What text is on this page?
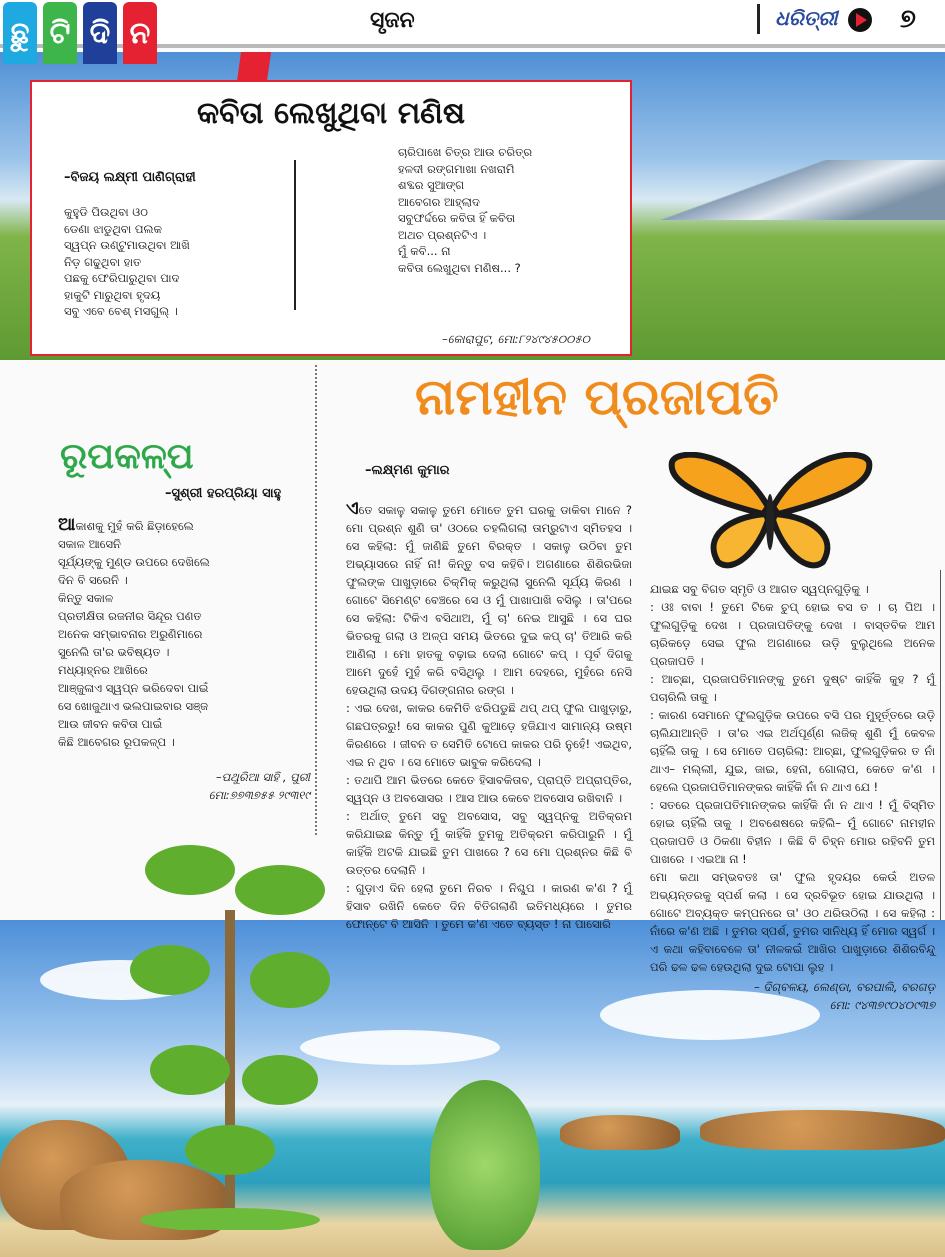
ସୃଜନ	ଧରିତ୍ରୀ ୭
ଛୁ ଟି ଦି ନ
କବିତା ଲେଖୁଥିବା ମଣିଷ
–ବିଜୟ ଲକ୍ଷ୍ମୀ ପାଣିଗ୍ରାହୀ
କୁହୁଡି ପିଉଥିବା ଓଠ
ଡେଣା ଝାଡୁଥିବା ପଲକ
ସ୍ୱପ୍ନ ଉଣ୍ଟୁମାଉଥିବା ଆଖି
ନିଡ଼ ଗଢୁଥିବା ହାତ
ପଛକୁ ଫେରିପାରୁଥିବା ପାଦ
ହାକୁଟି ମାରୁଥିବା ହୃଦୟ
ସବୁ ଏବେ ବେଶ୍ ମସଗୁଲ୍ ।
ଚାରିପାଖେ ଚିତ୍ର ଆଉ ଚରିତ୍ର
ହଳଦୀ ରଙ୍ଗମାଖା ନଖରାମି
ଶବ୍ଦର ସୁଆଙ୍ଗ
ଆବେଗର ଆହ୍ଲାଦ
ସବୁଫର୍ଦ୍ଦରେ କବିତା ହିଁ କବିତା
ଅଥଚ ପ୍ରଶ୍ନଟିଏ ।
ମୁଁ କବି... ନା
କବିତା ଲେଖୁଥିବା ମଣିଷ... ?
–କୋରାପୁଟ, ମୋ:୮୨୪୯୪୫୦୦୫୦
ରୂପକଳ୍ପ
–ସୁଶ୍ରୀ ହରପ୍ରିୟା ସାହୁ
ଆକାଶକୁ ମୁହଁ କରି ଛିଡ଼ାହେଲେ
ସକାଳ ଆସେନି
ସୂର୍ଯ୍ୟଙ୍କୁ ମୁଣ୍ଡ ଉପରେ ଦେଖିଲେ
ଦିନ ବି ସରେନି ।
କିନ୍ତୁ ସକାଳ
ପ୍ରତୀକ୍ଷିତା ରଜନୀର ସିନ୍ଦୂର ପଣତ
ଅନେକ ସମ୍ଭାବନାର ଅରୁଣିମାରେ
ସୁନେଲି ତା'ର ଭବିଷ୍ୟତ ।
ମଧ୍ୟାହ୍ନର ଆଖିରେ
ଆଞ୍ଜୁଳାଏ ସ୍ୱପ୍ନ ଭରିଦେବା ପାଇଁ
ସେ ଖୋଜୁଥାଏ ଭଲପାଇବାର ସଞ୍ଜ
ଆଉ ଜୀବନ କବିତା ପାଇଁ
କିଛି ଆବେଗର ରୂପକଳ୍ପ ।
–ପଥୁରିଆ ସାହି , ପୁରୀ
ମୋ:୭୭୩୭୫୫ ୨୯୩୧୯
ନାମହୀନ ପ୍ରଜାପତି
–ଲକ୍ଷ୍ମଣ କୁମାର

ଏତେ ସକାଳୁ ସକାଳୁ ତୁମେ ମୋତେ ତୁମ ଘରକୁ ଡାକିବା ମାନେ ? ମୋ ପ୍ରଶ୍ନ ଶୁଣି ତା' ଓଠରେ ଚହଲିଗଲା ତାମ୍ରୁଟାଏ ସ୍ମିତହସ । ସେ କହିଲା: ମୁଁ ଜାଣିଛି ତୁମେ ବିରକ୍ତ । ସକାଳୁ ଉଠିବା ତୁମ ଅଭ୍ୟାସରେ ନାହିଁ ନା! କିନ୍ତୁ ବସ କହିବି। ଅଗଣାରେ ଶିଶିରଭିଜା ଫୁଲଙ୍କ ପାଖୁଡ଼ାରେ ଚିକ୍‌ମିକ୍ କରୁଥିଲା ସୁନେଲି ସୂର୍ଯ୍ୟ କିରଣ । ଗୋଟେ ସିମେଣ୍ଟ ବେଞ୍ଚରେ ସେ ଓ ମୁଁ ପାଖାପାଖି ବସିଲୁ । ତା'ପରେ ସେ କହିଲା: ଟିକିଏ ବସିଥାଅ, ମୁଁ ଚା' ନେଇ ଆସୁଛି । ସେ ଘର ଭିତରକୁ ଗଲା ଓ ଅଳ୍ପ ସମୟ ଭିତରେ ଦୁଇ କପ୍ ଚା' ତିଆରି କରି ଆଣିଲା । ମୋ ହାତକୁ ବଢ଼ାଇ ଦେଲା ଗୋଟେ କପ୍ । ପୂର୍ବ ଦିଗକୁ ଆମେ ଦୁହେଁ ମୁହଁ କରି ବସିଥିଲୁ । ଆମ ଦେହରେ, ମୁହଁରେ ନେସି ହେଉଥିଲା ଉଦୟ ଦିଗଙ୍ଗନାର ରଙ୍ଗ ।

: ଏଇ ଦେଖ, କାକର କେମିତି ଝରିପଡୁଛି ଥପ୍ ଥପ୍ ଫୁଲ ପାଖୁଡ଼ାରୁ, ଗଛପତ୍ରରୁ! ସେ କାକର ପୁଣି କୁଆଡ଼େ ହଜିଯାଏ ସାମାନ୍ୟ ଉଷ୍ମ କିରଣରେ । ଜୀବନ ତ ସେମିତି ଟୋପେ କାକର ପରି ନୁହେଁ! ଏଇଥିବ, ଏଇ ନ ଥିବ । ସେ ମୋତେ ଭାବୁକ କରିଦେଲା ।

: ତଥାପି ଆମ ଭିତରେ କେତେ ହିସାବକିତାବ, ପ୍ରାପ୍ତି ଅପ୍ରାପ୍ତିର, ସ୍ୱପ୍ନ ଓ ଅବସୋସର । ଆସ ଆଉ କେବେ ଅବସୋସ ରଖିବାନି ।

: ଅର୍ଥାତ୍ ତୁମେ ସବୁ ଅବସୋସ, ସବୁ ସ୍ୱପ୍ନକୁ ଅତିକ୍ରମ କରିଯାଇଛ କିନ୍ତୁ ମୁଁ କାହିଁକି ତୁମକୁ ଅତିକ୍ରମ କରିପାରୁନି । ମୁଁ କାହିଁକି ଅଟକି ଯାଇଛି ତୁମ ପାଖରେ ? ସେ ମୋ ପ୍ରଶ୍ନର କିଛି ବି ଉତ୍ତର ଦେଲାନି ।

: ଗୁଡ଼ାଏ ଦିନ ହେଲା ତୁମେ ନିରବ । ନିଶ୍ଚୁପ । କାରଣ କ'ଣ ? ମୁଁ ହିସାବ ରଖିନି କେତେ ଦିନ ବିତିଗଲାଣି ଇତିମଧ୍ୟରେ । ତୁମର ଫୋନ୍‌ଟେ ବି ଆସିନି । ତୁମେ କ'ଣ ଏତେ ବ୍ୟସ୍ତ ! ନା ପାସୋରି

ଯାଇଛ ସବୁ ବିଗତ ସ୍ମୃତି ଓ ଆଗତ ସ୍ୱପ୍ନଗୁଡ଼ିକୁ ।

: ଓଃ ବାବା ! ତୁମେ ଟିକେ ଚୁପ୍ ହୋଇ ବସ ତ । ଚା ପିଅ । ଫୁଲଗୁଡ଼ିକୁ ଦେଖ । ପ୍ରଜାପତିଙ୍କୁ ଦେଖ । ବାସ୍ତବିକ ଆମ ଚାରିକଡ଼େ ସେଇ ଫୁଲ ଅଗଣାରେ ଉଡ଼ି ବୁଲୁଥିଲେ ଅନେକ ପ୍ରଜାପତି ।

: ଆଚ୍ଛା, ପ୍ରଜାପତିମାନଙ୍କୁ ତୁମେ ଦୁଷ୍ଟ କାହିଁକି କୁହ ? ମୁଁ ପଚାରିଲି ତାକୁ ।

: କାରଣ ସେମାନେ ଫୁଲଗୁଡ଼ିକ ଉପରେ ବସି ପର ମୁହୂର୍ତ୍ତରେ ଉଡ଼ି ଚାଲିଯାଆନ୍ତି । ତା'ର ଏଇ ଅର୍ଥପୂର୍ଣ୍ଣ ଲଜିକ୍ ଶୁଣି ମୁଁ କେବଳ ଚାହିଁଲି ତାକୁ । ସେ ମୋତେ ପଚାରିଲା: ଆଚ୍ଛା, ଫୁଲଗୁଡ଼ିକର ତ ନାଁ ଥାଏ– ମଲ୍ଲୀ, ଯୁଇ, ଜାଇ, ହେନା, ଗୋଲାପ, କେତେ କ'ଣ । ହେଲେ ପ୍ରଜାପତିମାନଙ୍କର କାହିଁକି ନାଁ ନ ଥାଏ ଯେ !

: ସତରେ ପ୍ରଜାପତିମାନଙ୍କର କାହିଁକି ନାଁ ନ ଥାଏ ! ମୁଁ ବିସ୍ମିତ ହୋଇ ଚାହିଁଲି ତାକୁ । ଅବଶେଷରେ କହିଲି– ମୁଁ ଗୋଟେ ନାମହୀନ ପ୍ରଜାପତି ଓ ଠିକଣା ବିହୀନ । କିଛି ବି ଚିହ୍ନ ମୋର ରହିବନି ତୁମ ପାଖରେ । ଏଇଆ ନା !

ମୋ କଥା ସମ୍ଭବତଃ ତା' ଫୁଲ ହୃଦୟର କେଉଁ ଅତଳ ଅଭ୍ୟନ୍ତରକୁ ସ୍ପର୍ଶ କଲା । ସେ ଦ୍ରବିଭୂତ ହୋଇ ଯାଉଥିଲା । ଗୋଟେ ଅବ୍ୟକ୍ତ କମ୍ପନରେ ତା' ଓଠ ଥରିଉଠିଲା । ସେ କହିଲା : ନାଁରେ କ'ଣ ଅଛି । ତୁମର ସ୍ପର୍ଶ, ତୁମର ସାନିଧ୍ୟ ହିଁ ମୋର ସ୍ୱର୍ଗ । ଏ କଥା କହିବାବେଳେ ତା' ନୀଳକଇଁ ଆଖିର ପାଖୁଡ଼ାରେ ଶିଶିରବିନ୍ଦୁ ପରି ଢଳ ଢଳ ହେଉଥିଲା ଦୁଇ ଟୋପା ଲୁହ ।

– ଦିଗ୍‌ବଳୟ, ଲେଣ୍ଡା, ବରପାଲି, ବରଗଡ଼
ମୋ: ୯୪୩୭୯୦୪୦୯୩୭
